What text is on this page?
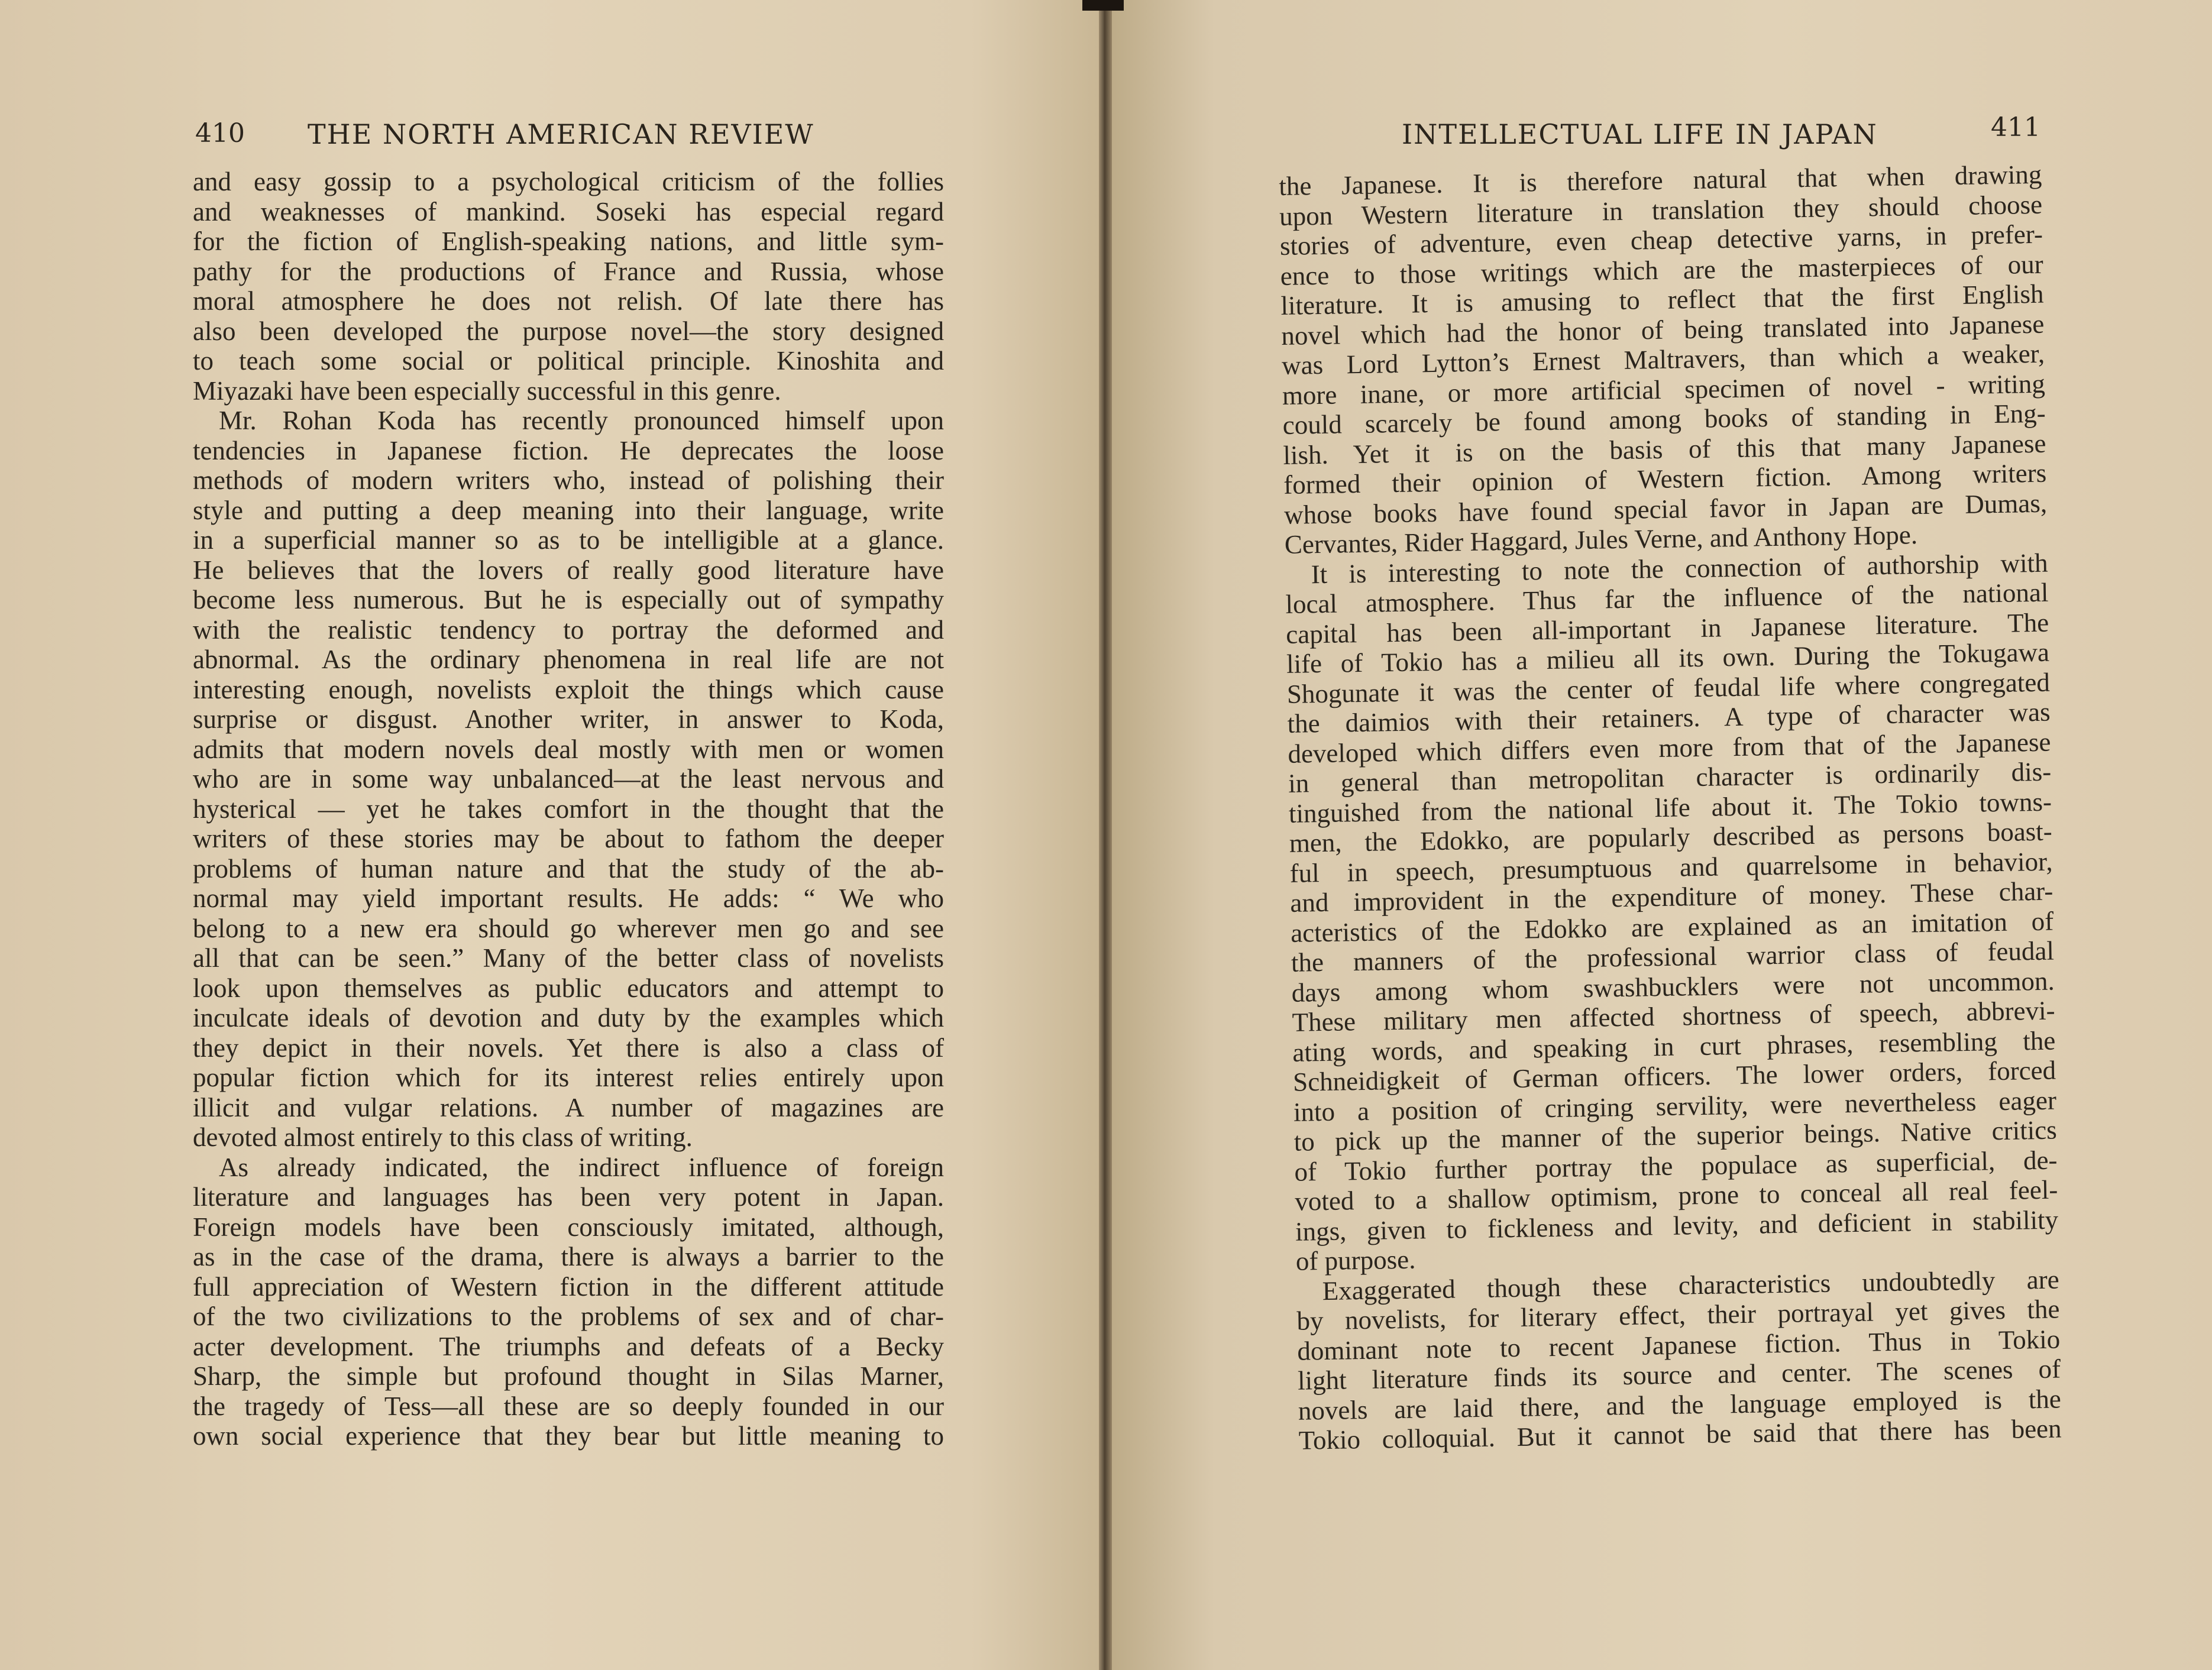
410 THE NORTH AMERICAN REVIEW
and easy gossip to a psychological criticism of the follies
and weaknesses of mankind. Soseki has especial regard
for the fiction of English-speaking nations, and little sym-
pathy for the productions of France and Russia, whose
moral atmosphere he does not relish. Of late there has
also been developed the purpose novel—the story designed
to teach some social or political principle. Kinoshita and
Miyazaki have been especially successful in this genre.
Mr. Rohan Koda has recently pronounced himself upon
tendencies in Japanese fiction. He deprecates the loose
methods of modern writers who, instead of polishing their
style and putting a deep meaning into their language, write
in a superficial manner so as to be intelligible at a glance.
He believes that the lovers of really good literature have
become less numerous. But he is especially out of sympathy
with the realistic tendency to portray the deformed and
abnormal. As the ordinary phenomena in real life are not
interesting enough, novelists exploit the things which cause
surprise or disgust. Another writer, in answer to Koda,
admits that modern novels deal mostly with men or women
who are in some way unbalanced—at the least nervous and
hysterical — yet he takes comfort in the thought that the
writers of these stories may be about to fathom the deeper
problems of human nature and that the study of the ab-
normal may yield important results. He adds: “ We who
belong to a new era should go wherever men go and see
all that can be seen.” Many of the better class of novelists
look upon themselves as public educators and attempt to
inculcate ideals of devotion and duty by the examples which
they depict in their novels. Yet there is also a class of
popular fiction which for its interest relies entirely upon
illicit and vulgar relations. A number of magazines are
devoted almost entirely to this class of writing.
As already indicated, the indirect influence of foreign
literature and languages has been very potent in Japan.
Foreign models have been consciously imitated, although,
as in the case of the drama, there is always a barrier to the
full appreciation of Western fiction in the different attitude
of the two civilizations to the problems of sex and of char-
acter development. The triumphs and defeats of a Becky
Sharp, the simple but profound thought in Silas Marner,
the tragedy of Tess—all these are so deeply founded in our
own social experience that they bear but little meaning to
INTELLECTUAL LIFE IN JAPAN	411
the Japanese. It is therefore natural that when drawing
upon Western literature in translation they should choose
stories of adventure, even cheap detective yarns, in prefer-
ence to those writings which are the masterpieces of our
literature. It is amusing to reflect that the first English
novel which had the honor of being translated into Japanese
was Lord Lytton’s Ernest Maltravers, than which a weaker,
more inane, or more artificial specimen of novel - writing
could scarcely be found among books of standing in Eng-
lish. Yet it is on the basis of this that many Japanese
formed their opinion of Western fiction. Among writers
whose books have found special favor in Japan are Dumas,
Cervantes, Rider Haggard, Jules Verne, and Anthony Hope.
It is interesting to note the connection of authorship with
local atmosphere. Thus far the influence of the national
capital has been all-important in Japanese literature. The
life of Tokio has a milieu all its own. During the Tokugawa
Shogunate it was the center of feudal life where congregated
the daimios with their retainers. A type of character was
developed which differs even more from that of the Japanese
in general than metropolitan character is ordinarily dis-
tinguished from the national life about it. The Tokio towns-
men, the Edokko, are popularly described as persons boast-
ful in speech, presumptuous and quarrelsome in behavior,
and improvident in the expenditure of money. These char-
acteristics of the Edokko are explained as an imitation of
the manners of the professional warrior class of feudal
days among whom swashbucklers were not uncommon.
These military men affected shortness of speech, abbrevi-
ating words, and speaking in curt phrases, resembling the
Schneidigkeit of German officers. The lower orders, forced
into a position of cringing servility, were nevertheless eager
to pick up the manner of the superior beings. Native critics
of Tokio further portray the populace as superficial, de-
voted to a shallow optimism, prone to conceal all real feel-
ings, given to fickleness and levity, and deficient in stability
of purpose.
Exaggerated though these characteristics undoubtedly are
by novelists, for literary effect, their portrayal yet gives the
dominant note to recent Japanese fiction. Thus in Tokio
light literature finds its source and center. The scenes of
novels are laid there, and the language employed is the
Tokio colloquial. But it cannot be said that there has been
